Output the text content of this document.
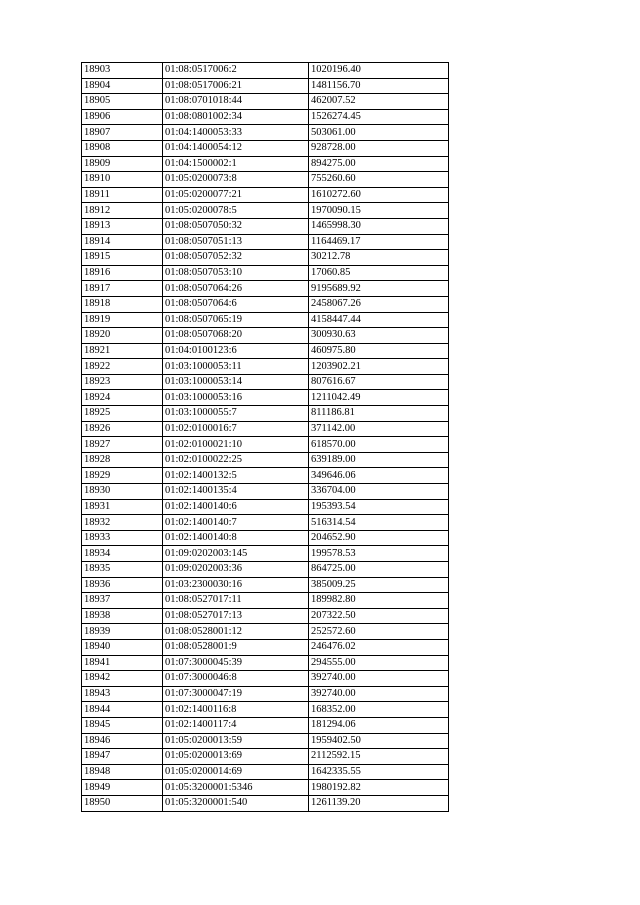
18903	01:08:0517006:2	1020196.40
18904	01:08:0517006:21	1481156.70
18905	01:08:0701018:44	462007.52
18906	01:08:0801002:34	1526274.45
18907	01:04:1400053:33	503061.00
18908	01:04:1400054:12	928728.00
18909	01:04:1500002:1	894275.00
18910	01:05:0200073:8	755260.60
18911	01:05:0200077:21	1610272.60
18912	01:05:0200078:5	1970090.15
18913	01:08:0507050:32	1465998.30
18914	01:08:0507051:13	1164469.17
18915	01:08:0507052:32	30212.78
18916	01:08:0507053:10	17060.85
18917	01:08:0507064:26	9195689.92
18918	01:08:0507064:6	2458067.26
18919	01:08:0507065:19	4158447.44
18920	01:08:0507068:20	300930.63
18921	01:04:0100123:6	460975.80
18922	01:03:1000053:11	1203902.21
18923	01:03:1000053:14	807616.67
18924	01:03:1000053:16	1211042.49
18925	01:03:1000055:7	811186.81
18926	01:02:0100016:7	371142.00
18927	01:02:0100021:10	618570.00
18928	01:02:0100022:25	639189.00
18929	01:02:1400132:5	349646.06
18930	01:02:1400135:4	336704.00
18931	01:02:1400140:6	195393.54
18932	01:02:1400140:7	516314.54
18933	01:02:1400140:8	204652.90
18934	01:09:0202003:145	199578.53
18935	01:09:0202003:36	864725.00
18936	01:03:2300030:16	385009.25
18937	01:08:0527017:11	189982.80
18938	01:08:0527017:13	207322.50
18939	01:08:0528001:12	252572.60
18940	01:08:0528001:9	246476.02
18941	01:07:3000045:39	294555.00
18942	01:07:3000046:8	392740.00
18943	01:07:3000047:19	392740.00
18944	01:02:1400116:8	168352.00
18945	01:02:1400117:4	181294.06
18946	01:05:0200013:59	1959402.50
18947	01:05:0200013:69	2112592.15
18948	01:05:0200014:69	1642335.55
18949	01:05:3200001:5346	1980192.82
18950	01:05:3200001:540	1261139.20
